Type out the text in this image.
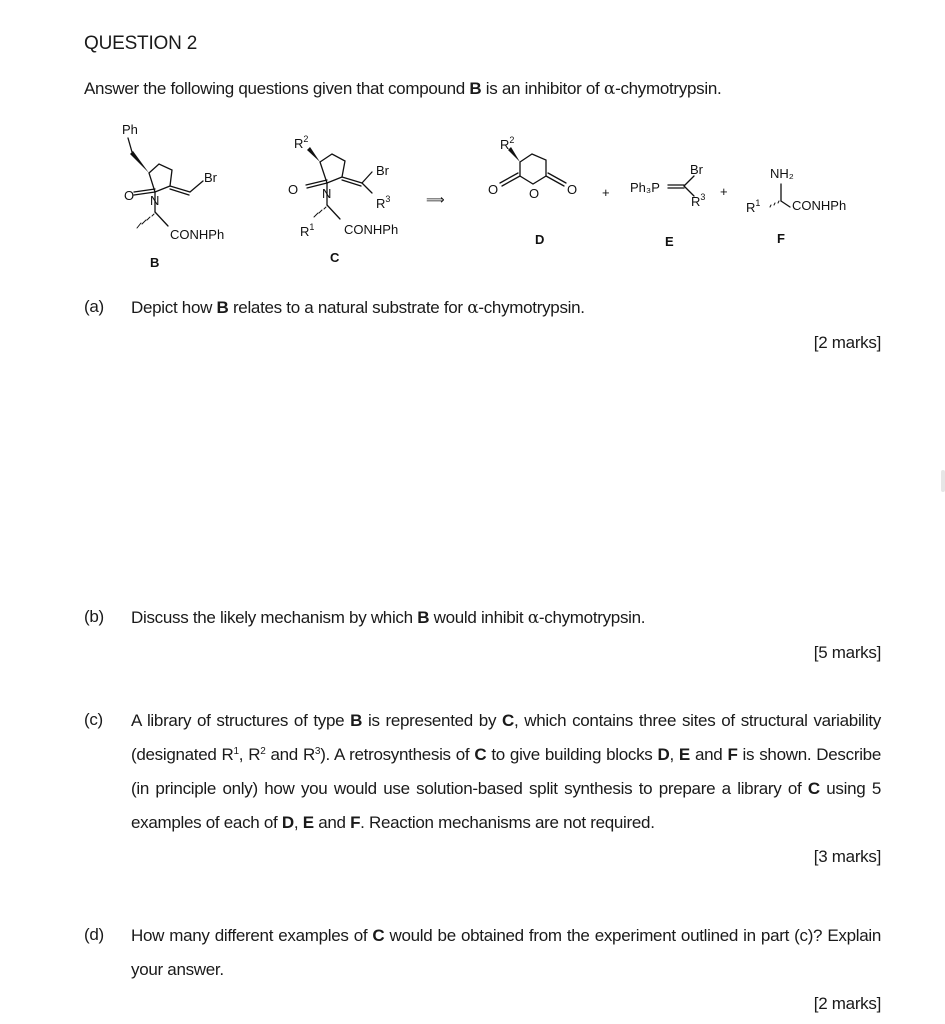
QUESTION 2
Answer the following questions given that compound B is an inhibitor of α-chymotrypsin.
Ph
Br
O N
CONHPh
B
$R^2$
Br
$R^3$
O N
$R^1$ CONHPh
C
⟹
$R^2$
O O O
D
+ Ph₃P
Br
$R^3$ +
E
NH₂
$R^1$ CONHPh
F
(a) Depict how B relates to a natural substrate for α-chymotrypsin.
[2 marks]
(b) Discuss the likely mechanism by which B would inhibit α-chymotrypsin.
[5 marks]
(c) A library of structures of type B is represented by C, which contains three sites of structural variability (designated $R^1$, $R^2$ and $R^3$). A retrosynthesis of C to give building blocks D, E and F is shown. Describe (in principle only) how you would use solution-based split synthesis to prepare a library of C using 5 examples of each of D, E and F. Reaction mechanisms are not required.
[3 marks]
(d) How many different examples of C would be obtained from the experiment outlined in part (c)? Explain your answer.
[2 marks]
